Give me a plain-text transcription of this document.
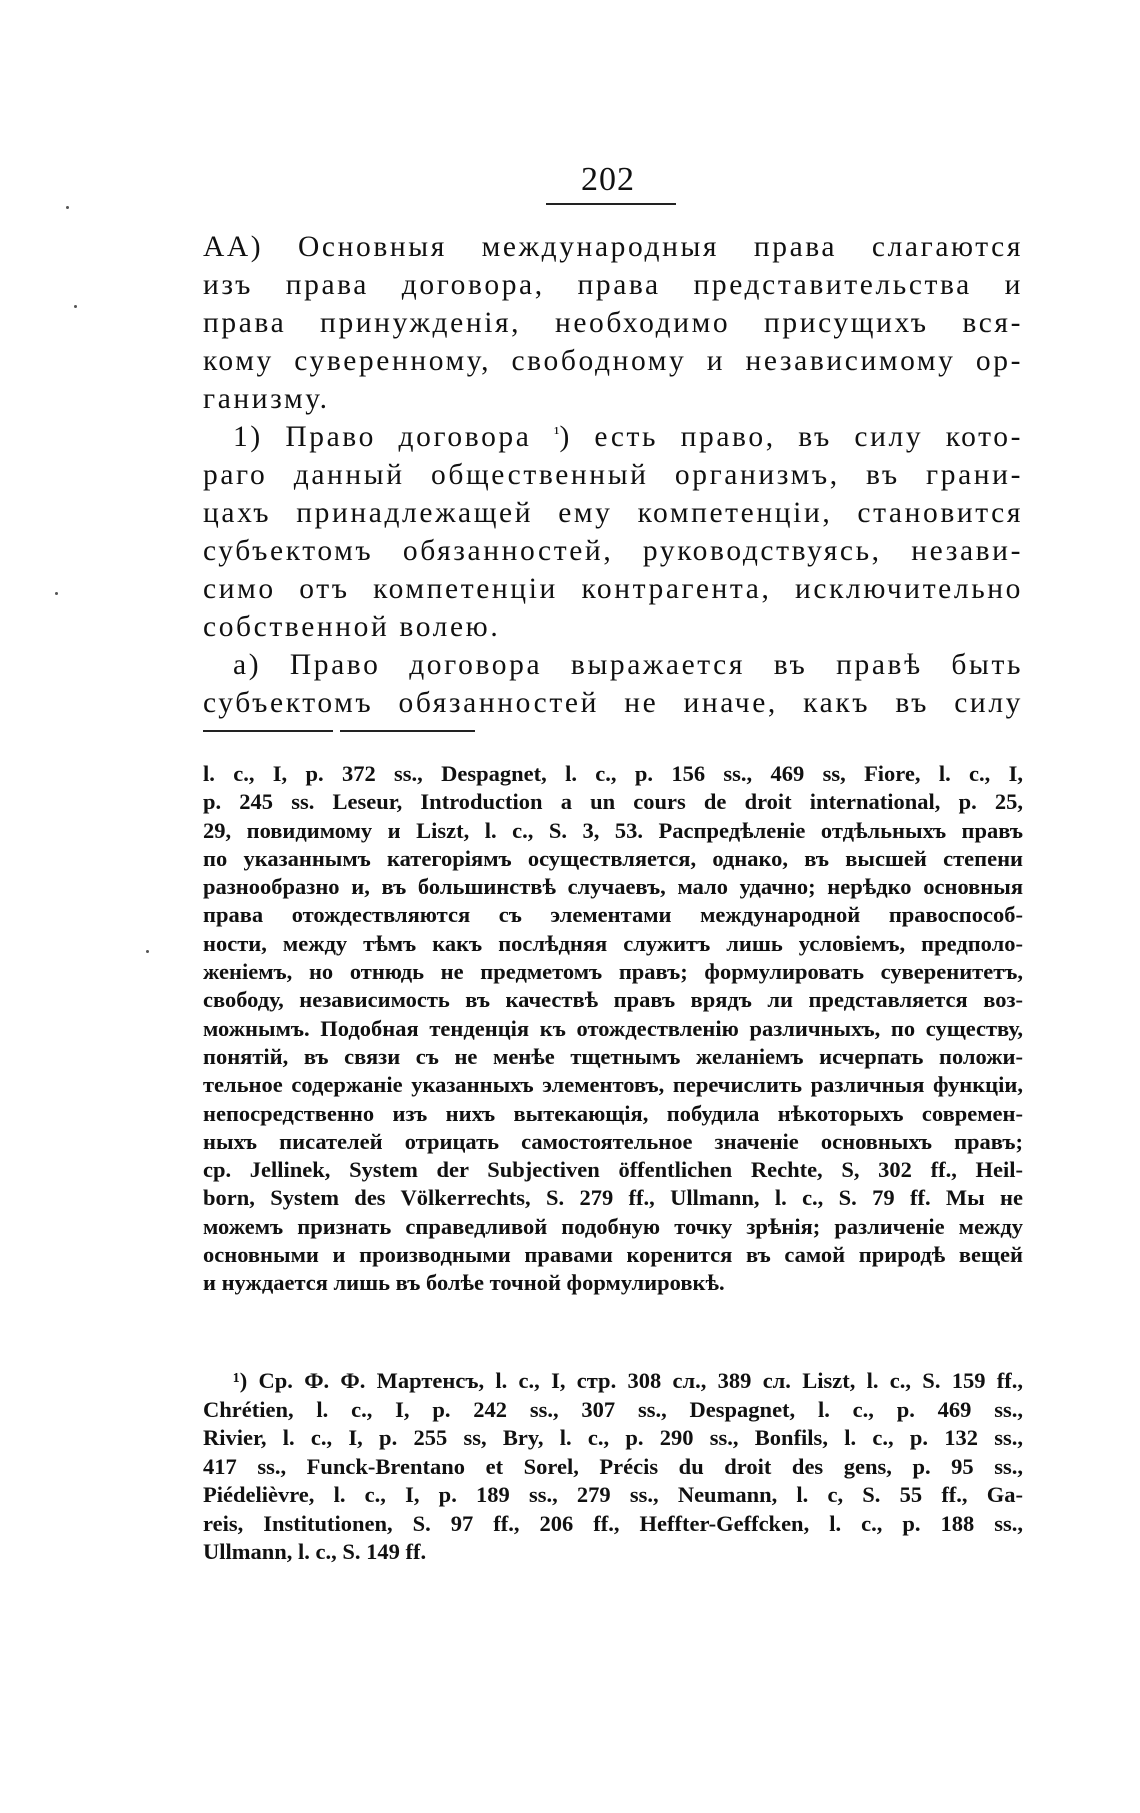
202
АА) Основныя международныя права слагаются
изъ права договора, права представительства и
права принужденія, необходимо присущихъ вся-
кому суверенному, свободному и независимому ор-
ганизму.
1) Право договора $^{^1}$) есть право, въ силу кото-
раго данный общественный организмъ, въ грани-
цахъ принадлежащей ему компетенціи, становится
субъектомъ обязанностей, руководствуясь, незави-
симо отъ компетенціи контрагента, исключительно
собственной волею.
a) Право договора выражается въ правѣ быть
субъектомъ обязанностей не иначе, какъ въ силу
l. c., I, p. 372 ss., Despagnet, l. c., p. 156 ss., 469 ss, Fiore, l. c., I,
p. 245 ss. Leseur, Introduction a un cours de droit international, p. 25,
29, повидимому и Liszt, l. c., S. 3, 53. Распредѣленіе отдѣльныхъ правъ
по указаннымъ категоріямъ осуществляется, однако, въ высшей степени
разнообразно и, въ большинствѣ случаевъ, мало удачно; нерѣдко основныя
права отождествляются съ элементами международной правоспособ-
ности, между тѣмъ какъ послѣдняя служитъ лишь условіемъ, предполо-
женіемъ, но отнюдь не предметомъ правъ; формулировать суверенитетъ,
свободу, независимость въ качествѣ правъ врядъ ли представляется воз-
можнымъ. Подобная тенденція къ отождествленію различныхъ, по существу,
понятій, въ связи съ не менѣе тщетнымъ желаніемъ исчерпать положи-
тельное содержаніе указанныхъ элементовъ, перечислить различныя функціи,
непосредственно изъ нихъ вытекающія, побудила нѣкоторыхъ современ-
ныхъ писателей отрицать самостоятельное значеніе основныхъ правъ;
cp. Jellinek, System der Subjectiven öffentlichen Rechte, S, 302 ff., Heil-
born, System des Völkerrechts, S. 279 ff., Ullmann, l. c., S. 79 ff. Мы не
можемъ признать справедливой подобную точку зрѣнія; различеніе между
основными и производными правами коренится въ самой природѣ вещей
и нуждается лишь въ болѣе точной формулировкѣ.
¹) Cp. Ф. Ф. Мартенсъ, l. c., I, стр. 308 сл., 389 сл. Liszt, l. c., S. 159 ff.,
Chrétien, l. c., I, p. 242 ss., 307 ss., Despagnet, l. c., p. 469 ss.,
Rivier, l. c., I, p. 255 ss, Bry, l. c., p. 290 ss., Bonfils, l. c., p. 132 ss.,
417 ss., Funck-Brentano et Sorel, Précis du droit des gens, p. 95 ss.,
Piédelièvre, l. c., I, p. 189 ss., 279 ss., Neumann, l. c, S. 55 ff., Ga-
reis, Institutionen, S. 97 ff., 206 ff., Heffter-Geffcken, l. c., p. 188 ss.,
Ullmann, l. c., S. 149 ff.
